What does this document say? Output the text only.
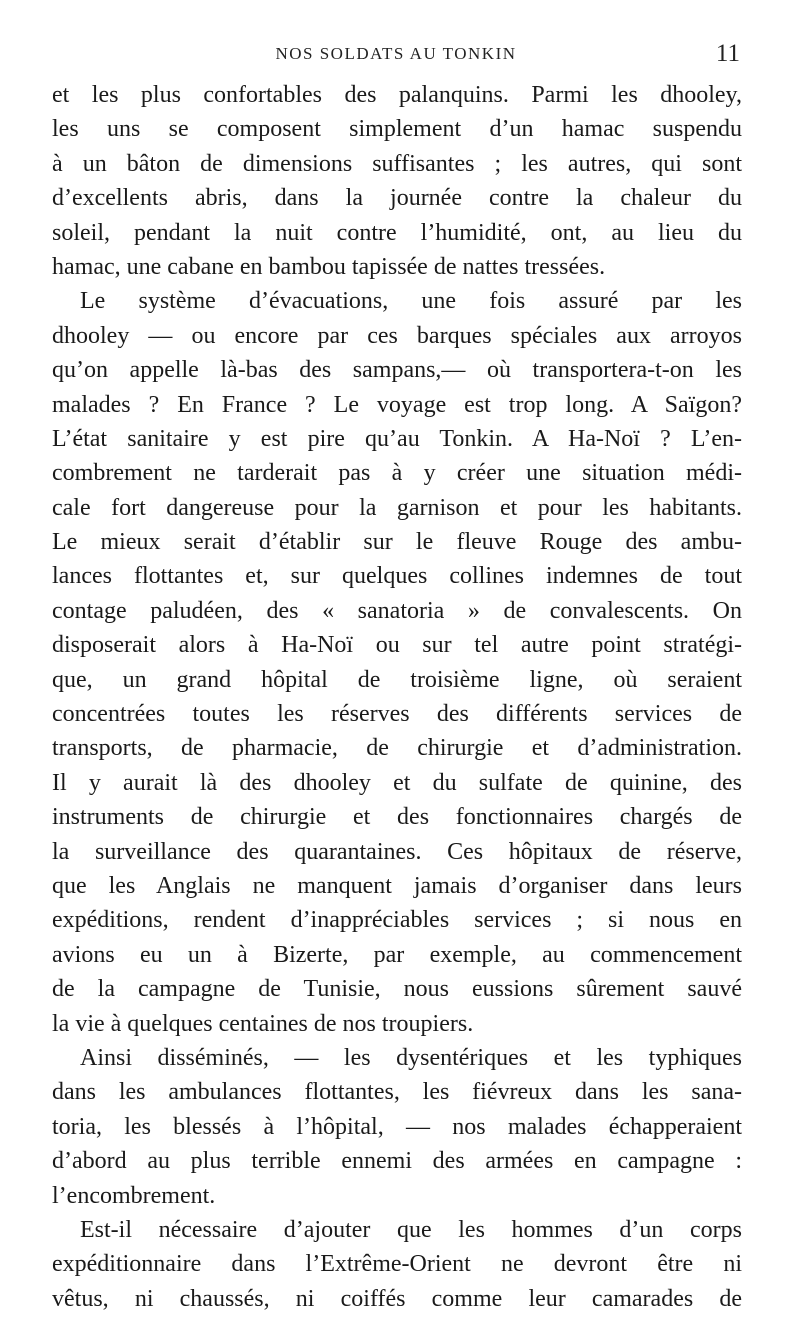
NOS SOLDATS AU TONKIN	11
et les plus confortables des palanquins. Parmi les dhooley,
les uns se composent simplement d’un hamac suspendu
à un bâton de dimensions suffisantes ; les autres, qui sont
d’excellents abris, dans la journée contre la chaleur du
soleil, pendant la nuit contre l’humidité, ont, au lieu du
hamac, une cabane en bambou tapissée de nattes tressées.
Le système d’évacuations, une fois assuré par les
dhooley — ou encore par ces barques spéciales aux arroyos
qu’on appelle là-bas des sampans,— où transportera-t-on les
malades ? En France ? Le voyage est trop long. A Saïgon?
L’état sanitaire y est pire qu’au Tonkin. A Ha-Noï ? L’en-
combrement ne tarderait pas à y créer une situation médi-
cale fort dangereuse pour la garnison et pour les habitants.
Le mieux serait d’établir sur le fleuve Rouge des ambu-
lances flottantes et, sur quelques collines indemnes de tout
contage paludéen, des « sanatoria » de convalescents. On
disposerait alors à Ha-Noï ou sur tel autre point stratégi-
que, un grand hôpital de troisième ligne, où seraient
concentrées toutes les réserves des différents services de
transports, de pharmacie, de chirurgie et d’administration.
Il y aurait là des dhooley et du sulfate de quinine, des
instruments de chirurgie et des fonctionnaires chargés de
la surveillance des quarantaines. Ces hôpitaux de réserve,
que les Anglais ne manquent jamais d’organiser dans leurs
expéditions, rendent d’inappréciables services ; si nous en
avions eu un à Bizerte, par exemple, au commencement
de la campagne de Tunisie, nous eussions sûrement sauvé
la vie à quelques centaines de nos troupiers.
Ainsi disséminés, — les dysentériques et les typhiques
dans les ambulances flottantes, les fiévreux dans les sana-
toria, les blessés à l’hôpital, — nos malades échapperaient
d’abord au plus terrible ennemi des armées en campagne :
l’encombrement.
Est-il nécessaire d’ajouter que les hommes d’un corps
expéditionnaire dans l’Extrême-Orient ne devront être ni
vêtus, ni chaussés, ni coiffés comme leur camarades de
